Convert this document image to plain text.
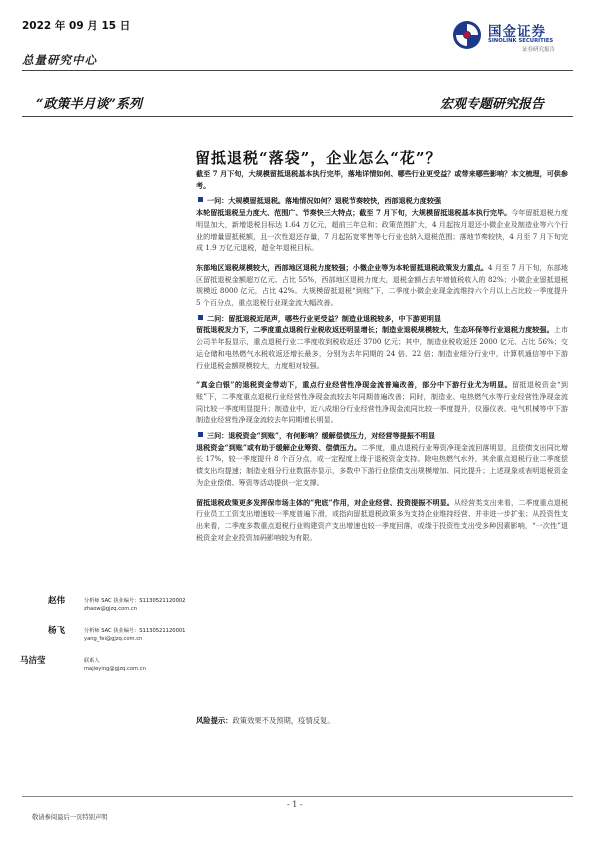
2022 年 09 月 15 日
总量研究中心
国金证券
SINOLINK SECURITIES
证券研究报告
“政策半月谈”系列	宏观专题研究报告
留抵退税“落袋”，企业怎么“花”？

截至 7 月下旬，大规模留抵退税基本执行完毕，落地详情如何、哪些行业更受益？或带来哪些影响？本文梳理，可供参考。

一问：大规模留抵退税。落地情况如何？退税节奏较快，西部退税力度较强

本轮留抵退税呈力度大、范围广、节奏快三大特点；截至 7 月下旬，大规模留抵退税基本执行完毕。今年留抵退税力度明显加大，新增退税目标达 1.64 万亿元，超前三年总和；政策范围扩大，4 月起按月退还小微企业及制造业等六个行业的增量留抵税额，且一次性退还存量，7 月起拓宽零售等七行业也纳入退税范围；落地节奏较快，4 月至 7 月下旬完成 1.9 万亿元退税，超全年退税目标。

东部地区退税规模较大，西部地区退税力度较强；小微企业等为本轮留抵退税政策发力重点。4 月至 7 月下旬，东部地区留抵退税金额超万亿元、占比 55%，西部地区退税力度大，退税金额占去年增值税收入的 82%；小微企业留抵退税规模近 8000 亿元，占比 42%。大规模留抵退税“到账”下，二季度小微企业现金流维持六个月以上占比较一季度提升 5 个百分点，重点退税行业现金流大幅改善。

二问：留抵退税近尾声，哪些行业更受益？制造业退税较多，中下游更明显

留抵退税发力下，二季度重点退税行业税收返还明显增长；制造业退税规模较大，生态环保等行业退税力度较强。上市公司半年报显示，重点退税行业二季度收到税收返还 3700 亿元；其中，制造业税收返还 2000 亿元、占比 56%；交运仓储和电热燃气水税收返还增长最多，分别为去年同期的 24 倍、22 倍；制造业细分行业中，计算机通信等中下游行业退税金额规模较大，力度相对较强。

“真金白银”的退税资金带动下，重点行业经营性净现金流普遍改善，部分中下游行业尤为明显。留抵退税资金“到账”下，二季度重点退税行业经营性净现金流较去年同期普遍改善；同时，制造业、电热燃气水等行业经营性净现金流同比较一季度明显提升；制造业中，近八成细分行业经营性净现金流同比较一季度提升，仪器仪表、电气机械等中下游制造业经营性净现金流较去年同期增长明显。

三问：退税资金“到账”，有何影响？缓解偿债压力，对经营等提振不明显

退税资金“到账”或有助于缓解企业筹资、偿债压力。二季度，重点退税行业筹资净现金流回落明显，且偿债支出同比增长 17%，较一季度提升 8 个百分点，或一定程度上缘于退税资金支持。除电热燃气水外，其余重点退税行业二季度偿债支出均提速；制造业细分行业数据亦显示，多数中下游行业偿债支出规模增加、同比提升；上述现象或表明退税资金为企业偿债、筹资等活动提供一定支撑。

留抵退税政策更多发挥保市场主体的“兜底”作用，对企业经营、投资提振不明显。从经营类支出来看，二季度重点退税行业员工工资支出增速较一季度普遍下滑，或指向留抵退税政策多为支持企业维持经营、并非进一步扩张；从投资性支出来看，二季度多数重点退税行业购建资产支出增速也较一季度回落，或缘于投资性支出受多种因素影响，“一次性”退税资金对企业投资加码影响较为有限。

赵伟	分析师 SAC 执业编号：S1130521120002
zhaow@gjzq.com.cn
杨飞	分析师 SAC 执业编号：S1130521120001
yang_fei@gjzq.com.cn
马洁莹	联系人
majieying@gjzq.com.cn
风险提示：政策效果不及预期，疫情反复。
- 1 -
敬请参阅最后一页特别声明
